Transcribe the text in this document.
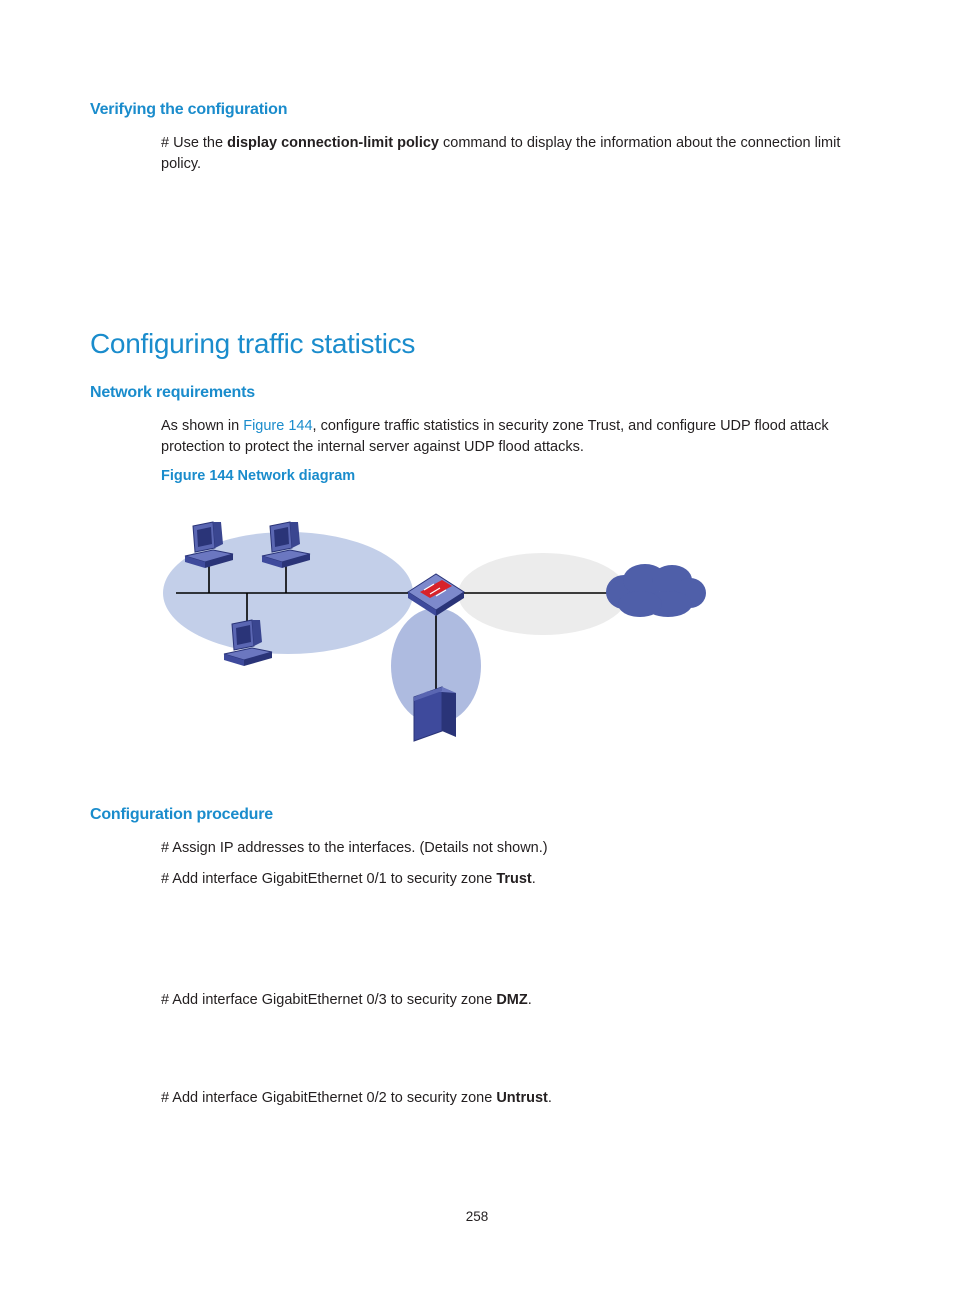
Verifying the configuration
# Use the display connection-limit policy command to display the information about the connection limit policy.
Configuring traffic statistics
Network requirements
As shown in Figure 144, configure traffic statistics in security zone Trust, and configure UDP flood attack protection to protect the internal server against UDP flood attacks.
Figure 144 Network diagram
Configuration procedure
# Assign IP addresses to the interfaces. (Details not shown.)
# Add interface GigabitEthernet 0/1 to security zone Trust.
# Add interface GigabitEthernet 0/3 to security zone DMZ.
# Add interface GigabitEthernet 0/2 to security zone Untrust.
258
